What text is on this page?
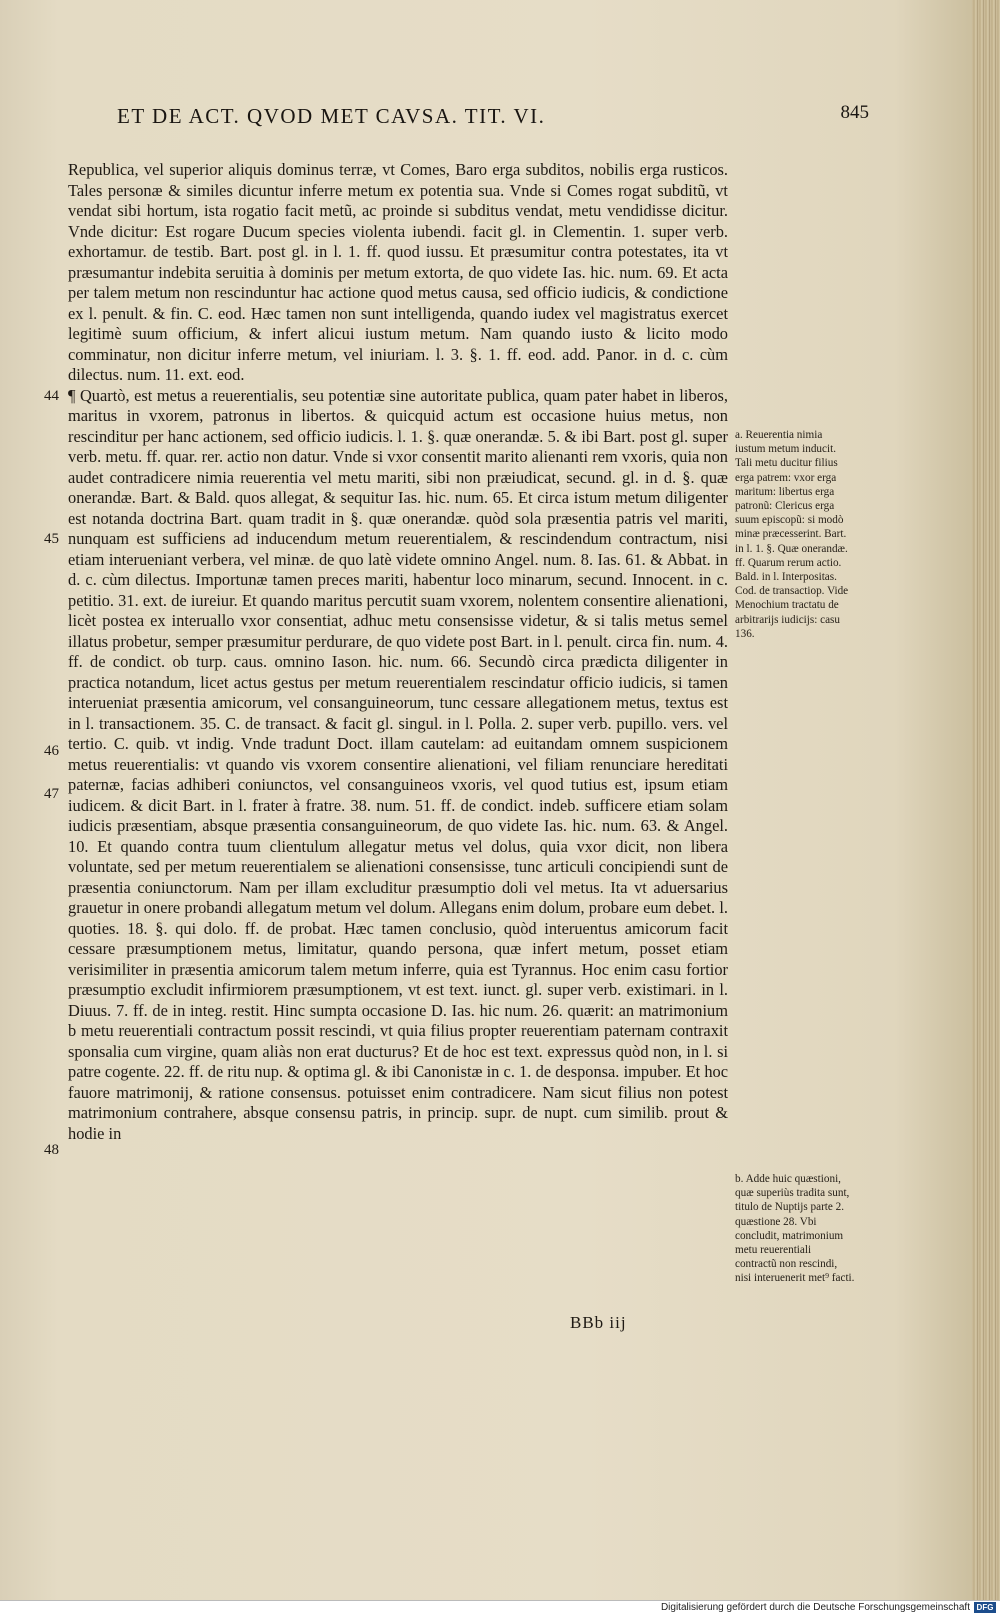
ET DE ACT. QVOD MET CAVSA. TIT. VI.	845

Republica, vel superior aliquis dominus terræ, vt Comes, Baro erga subditos, nobilis erga rusticos. Tales personæ & similes dicuntur inferre metum ex potentia sua. Vnde si Comes rogat subditũ, vt vendat sibi hortum, ista rogatio facit metũ, ac proinde si subditus vendat, metu vendidisse dicitur. Vnde dicitur: Est rogare Ducum species violenta iubendi. facit gl. in Clementin. 1. super verb. exhortamur. de testib. Bart. post gl. in l. 1. ff. quod iussu. Et præsumitur contra potestates, ita vt præsumantur indebita seruitia à dominis per metum extorta, de quo videte Ias. hic. num. 69. Et acta per talem metum non rescinduntur hac actione quod metus causa, sed officio iudicis, & condictione ex l. penult. & fin. C. eod. Hæc tamen non sunt intelligenda, quando iudex vel magistratus exercet legitimè suum officium, & infert alicui iustum metum. Nam quando iusto & licito modo comminatur, non dicitur inferre metum, vel iniuriam. l. 3. §. 1. ff. eod. add. Panor. in d. c. cùm dilectus. num. 11. ext. eod.

44
45
46
47
48

¶ Quartò, est metus a reuerentialis, seu potentiæ sine autoritate publica, quam pater habet in liberos, maritus in vxorem, patronus in libertos. & quicquid actum est occasione huius metus, non rescinditur per hanc actionem, sed officio iudicis. l. 1. §. quæ onerandæ. 5. & ibi Bart. post gl. super verb. metu. ff. quar. rer. actio non datur. Vnde si vxor consentit marito alienanti rem vxoris, quia non audet contradicere nimia reuerentia vel metu mariti, sibi non præiudicat, secund. gl. in d. §. quæ onerandæ. Bart. & Bald. quos allegat, & sequitur Ias. hic. num. 65. Et circa istum metum diligenter est notanda doctrina Bart. quam tradit in §. quæ onerandæ. quòd sola præsentia patris vel mariti, nunquam est sufficiens ad inducendum metum reuerentialem, & rescindendum contractum, nisi etiam interueniant verbera, vel minæ. de quo latè videte omnino Angel. num. 8. Ias. 61. & Abbat. in d. c. cùm dilectus. Importunæ tamen preces mariti, habentur loco minarum, secund. Innocent. in c. petitio. 31. ext. de iureiur. Et quando maritus percutit suam vxorem, nolentem consentire alienationi, licèt postea ex interuallo vxor consentiat, adhuc metu consensisse videtur, & si talis metus semel illatus probetur, semper præsumitur perdurare, de quo videte post Bart. in l. penult. circa fin. num. 4. ff. de condict. ob turp. caus. omnino Iason. hic. num. 66. Secundò circa prædicta diligenter in practica notandum, licet actus gestus per metum reuerentialem rescindatur officio iudicis, si tamen interueniat præsentia amicorum, vel consanguineorum, tunc cessare allegationem metus, textus est in l. transactionem. 35. C. de transact. & facit gl. singul. in l. Polla. 2. super verb. pupillo. vers. vel tertio. C. quib. vt indig. Vnde tradunt Doct. illam cautelam: ad euitandam omnem suspicionem metus reuerentialis: vt quando vis vxorem consentire alienationi, vel filiam renunciare hereditati paternæ, facias adhiberi coniunctos, vel consanguineos vxoris, vel quod tutius est, ipsum etiam iudicem. & dicit Bart. in l. frater à fratre. 38. num. 51. ff. de condict. indeb. sufficere etiam solam iudicis præsentiam, absque præsentia consanguineorum, de quo videte Ias. hic. num. 63. & Angel. 10. Et quando contra tuum clientulum allegatur metus vel dolus, quia vxor dicit, non libera voluntate, sed per metum reuerentialem se alienationi consensisse, tunc articuli concipiendi sunt de præsentia coniunctorum. Nam per illam excluditur præsumptio doli vel metus. Ita vt aduersarius grauetur in onere probandi allegatum metum vel dolum. Allegans enim dolum, probare eum debet. l. quoties. 18. §. qui dolo. ff. de probat. Hæc tamen conclusio, quòd interuentus amicorum facit cessare præsumptionem metus, limitatur, quando persona, quæ infert metum, posset etiam verisimiliter in præsentia amicorum talem metum inferre, quia est Tyrannus. Hoc enim casu fortior præsumptio excludit infirmiorem præsumptionem, vt est text. iunct. gl. super verb. existimari. in l. Diuus. 7. ff. de in integ. restit. Hinc sumpta occasione D. Ias. hic num. 26. quærit: an matrimonium b metu reuerentiali contractum possit rescindi, vt quia filius propter reuerentiam paternam contraxit sponsalia cum virgine, quam aliàs non erat ducturus? Et de hoc est text. expressus quòd non, in l. si patre cogente. 22. ff. de ritu nup. & optima gl. & ibi Canonistæ in c. 1. de desponsa. impuber. Et hoc fauore matrimonij, & ratione consensus. potuisset enim contradicere. Nam sicut filius non potest matrimonium contrahere, absque consensu patris, in princip. supr. de nupt. cum similib. prout & hodie in

a. Reuerentia nimia iustum metum inducit. Tali metu ducitur filius erga patrem: vxor erga maritum: libertus erga patronũ: Clericus erga suum episcopũ: si modò minæ præcesserint. Bart. in l. 1. §. Quæ onerandæ. ff. Quarum rerum actio. Bald. in l. Interpositas. Cod. de transactiop. Vide Menochium tractatu de arbitrarijs iudicijs: casu 136.
b. Adde huic quæstioni, quæ superiùs tradita sunt, titulo de Nuptijs parte 2. quæstione 28. Vbi concludit, matrimonium metu reuerentiali contractũ non rescindi, nisi interuenerit met⁹ facti.
BBb iij
Digitalisierung gefördert durch die Deutsche Forschungsgemeinschaft DFG
